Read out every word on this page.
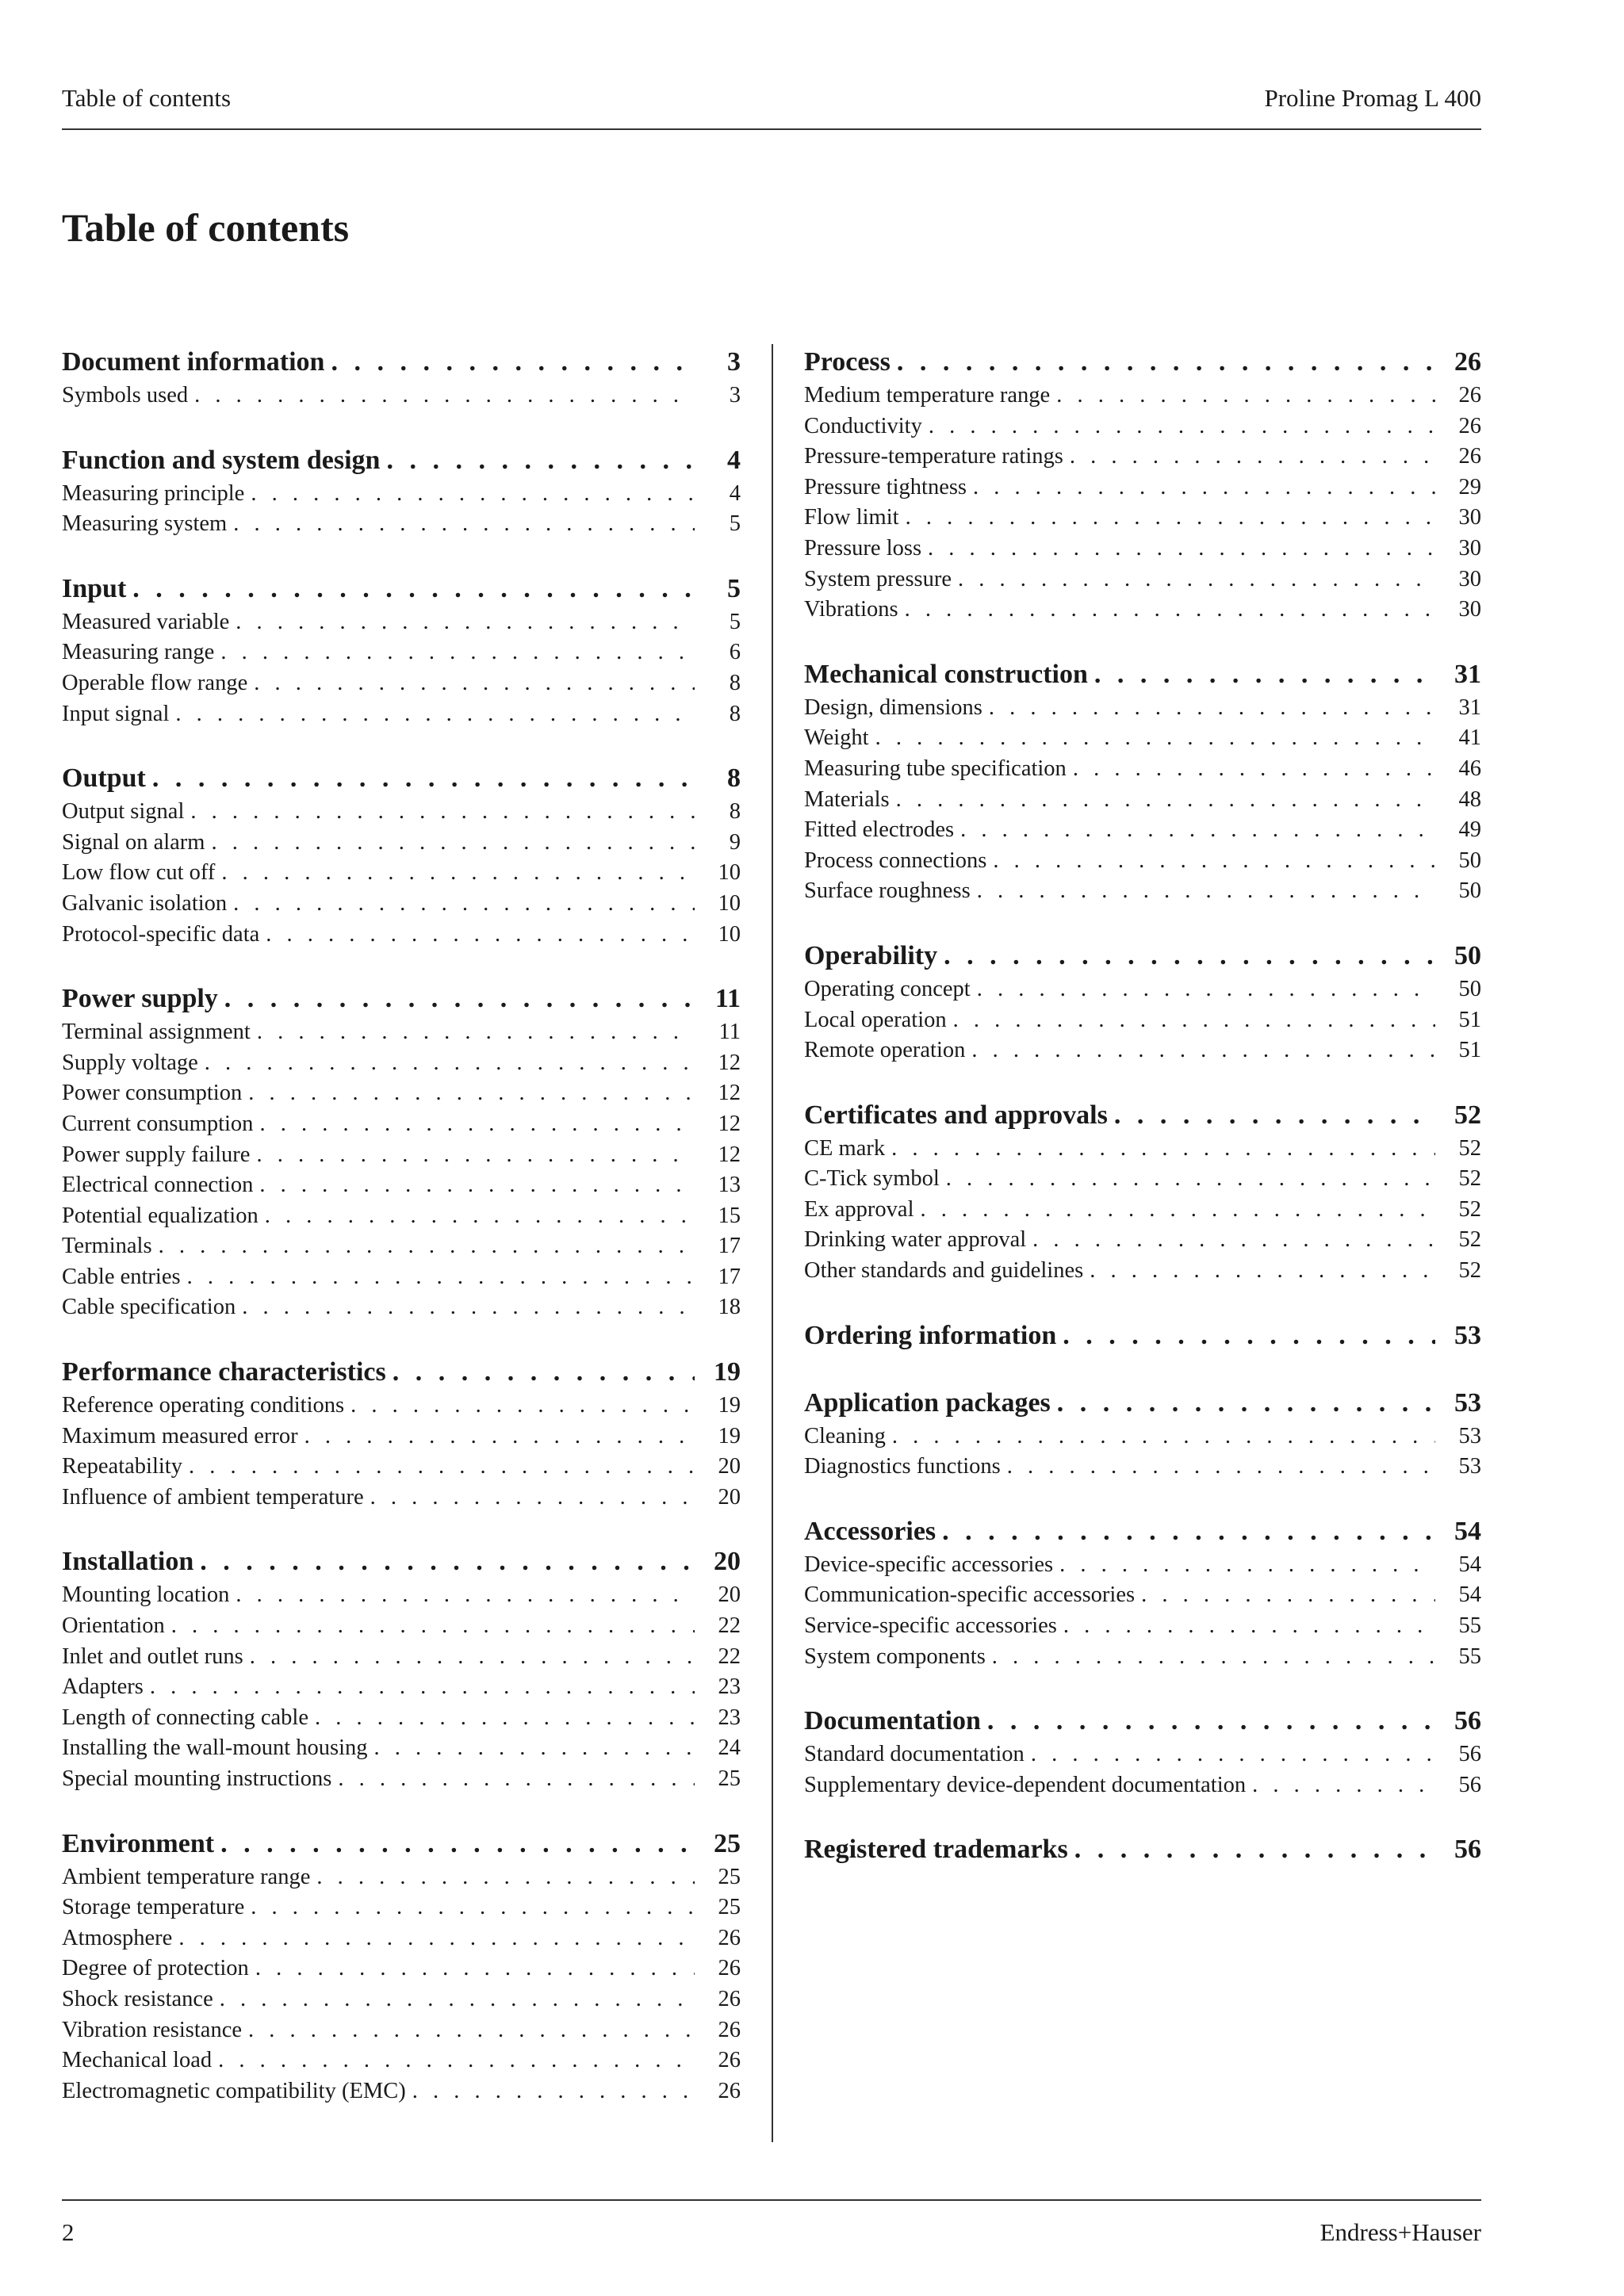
Table of contents	Proline Promag L 400
Table of contents
Document information . . .	3
Symbols used . . .	3
Function and system design . . .	4
Measuring principle . . .	4
Measuring system . . .	5
Input . . .	5
Measured variable . . .	5
Measuring range . . .	6
Operable flow range . . .	8
Input signal . . .	8
Output . . .	8
Output signal . . .	8
Signal on alarm . . .	9
Low flow cut off . . .	10
Galvanic isolation . . .	10
Protocol-specific data . . .	10
Power supply . . .	11
Terminal assignment . . .	11
Supply voltage . . .	12
Power consumption . . .	12
Current consumption . . .	12
Power supply failure . . .	12
Electrical connection . . .	13
Potential equalization . . .	15
Terminals . . .	17
Cable entries . . .	17
Cable specification . . .	18
Performance characteristics . . .	19
Reference operating conditions . . .	19
Maximum measured error . . .	19
Repeatability . . .	20
Influence of ambient temperature . . .	20
Installation . . .	20
Mounting location . . .	20
Orientation . . .	22
Inlet and outlet runs . . .	22
Adapters . . .	23
Length of connecting cable . . .	23
Installing the wall-mount housing . . .	24
Special mounting instructions . . .	25
Environment . . .	25
Ambient temperature range . . .	25
Storage temperature . . .	25
Atmosphere . . .	26
Degree of protection . . .	26
Shock resistance . . .	26
Vibration resistance . . .	26
Mechanical load . . .	26
Electromagnetic compatibility (EMC) . . .	26
Process . . .	26
Medium temperature range . . .	26
Conductivity . . .	26
Pressure-temperature ratings . . .	26
Pressure tightness . . .	29
Flow limit . . .	30
Pressure loss . . .	30
System pressure . . .	30
Vibrations . . .	30
Mechanical construction . . .	31
Design, dimensions . . .	31
Weight . . .	41
Measuring tube specification . . .	46
Materials . . .	48
Fitted electrodes . . .	49
Process connections . . .	50
Surface roughness . . .	50
Operability . . .	50
Operating concept . . .	50
Local operation . . .	51
Remote operation . . .	51
Certificates and approvals . . .	52
CE mark . . .	52
C-Tick symbol . . .	52
Ex approval . . .	52
Drinking water approval . . .	52
Other standards and guidelines . . .	52
Ordering information . . .	53
Application packages . . .	53
Cleaning . . .	53
Diagnostics functions . . .	53
Accessories . . .	54
Device-specific accessories . . .	54
Communication-specific accessories . . .	54
Service-specific accessories . . .	55
System components . . .	55
Documentation . . .	56
Standard documentation . . .	56
Supplementary device-dependent documentation . . .	56
Registered trademarks . . .	56
2	Endress+Hauser
